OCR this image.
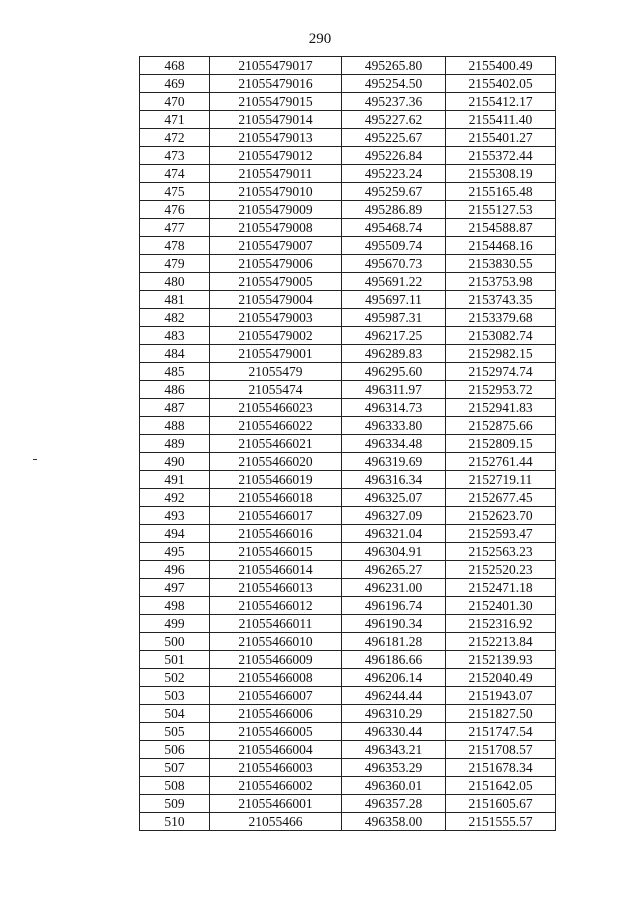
290
468	21055479017	495265.80	2155400.49
469	21055479016	495254.50	2155402.05
470	21055479015	495237.36	2155412.17
471	21055479014	495227.62	2155411.40
472	21055479013	495225.67	2155401.27
473	21055479012	495226.84	2155372.44
474	21055479011	495223.24	2155308.19
475	21055479010	495259.67	2155165.48
476	21055479009	495286.89	2155127.53
477	21055479008	495468.74	2154588.87
478	21055479007	495509.74	2154468.16
479	21055479006	495670.73	2153830.55
480	21055479005	495691.22	2153753.98
481	21055479004	495697.11	2153743.35
482	21055479003	495987.31	2153379.68
483	21055479002	496217.25	2153082.74
484	21055479001	496289.83	2152982.15
485	21055479	496295.60	2152974.74
486	21055474	496311.97	2152953.72
487	21055466023	496314.73	2152941.83
488	21055466022	496333.80	2152875.66
489	21055466021	496334.48	2152809.15
490	21055466020	496319.69	2152761.44
491	21055466019	496316.34	2152719.11
492	21055466018	496325.07	2152677.45
493	21055466017	496327.09	2152623.70
494	21055466016	496321.04	2152593.47
495	21055466015	496304.91	2152563.23
496	21055466014	496265.27	2152520.23
497	21055466013	496231.00	2152471.18
498	21055466012	496196.74	2152401.30
499	21055466011	496190.34	2152316.92
500	21055466010	496181.28	2152213.84
501	21055466009	496186.66	2152139.93
502	21055466008	496206.14	2152040.49
503	21055466007	496244.44	2151943.07
504	21055466006	496310.29	2151827.50
505	21055466005	496330.44	2151747.54
506	21055466004	496343.21	2151708.57
507	21055466003	496353.29	2151678.34
508	21055466002	496360.01	2151642.05
509	21055466001	496357.28	2151605.67
510	21055466	496358.00	2151555.57
